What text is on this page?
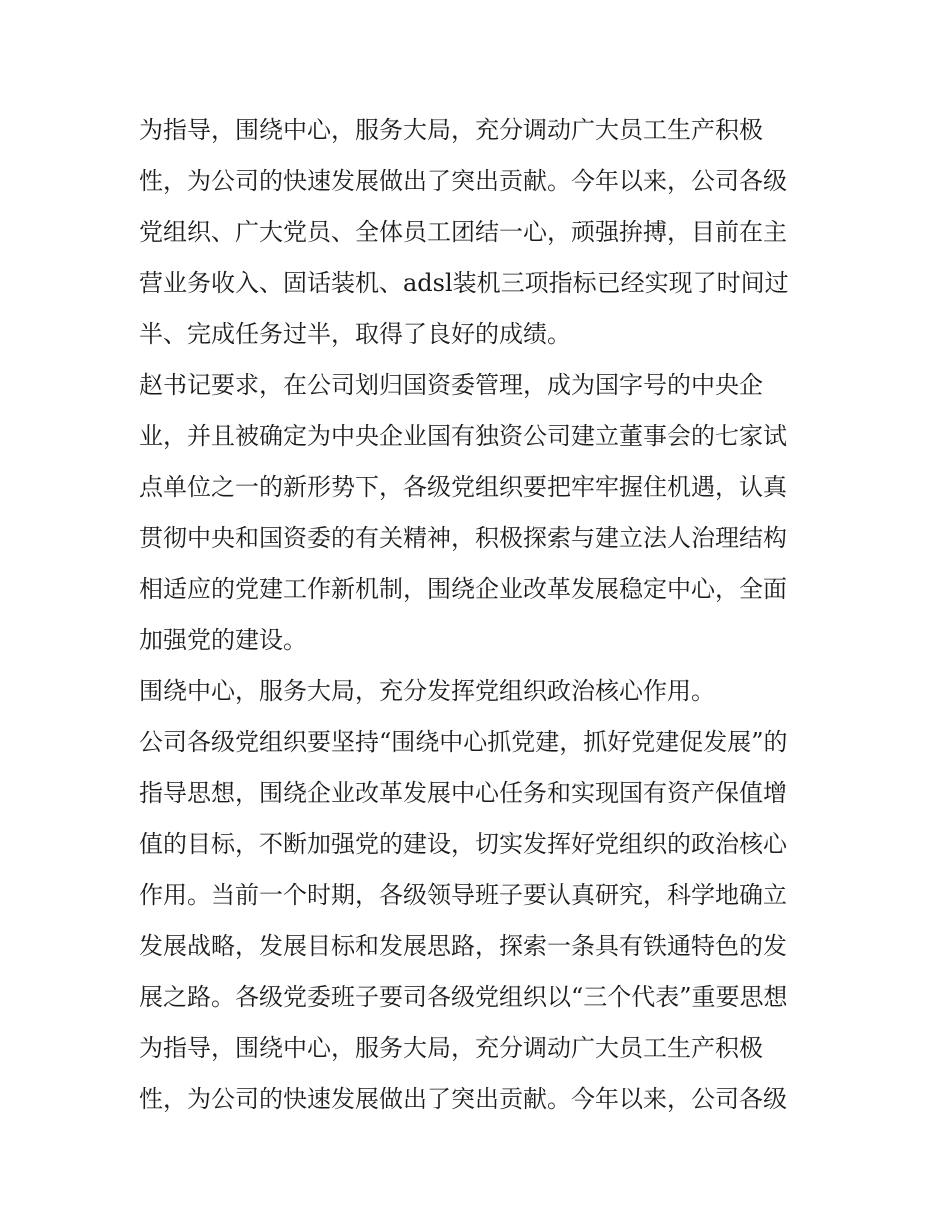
为指导，围绕中心，服务大局，充分调动广大员工生产积极
性，为公司的快速发展做出了突出贡献。今年以来，公司各级
党组织、广大党员、全体员工团结一心，顽强拚搏，目前在主
营业务收入、固话装机、adsl装机三项指标已经实现了时间过
半、完成任务过半，取得了良好的成绩。
赵书记要求，在公司划归国资委管理，成为国字号的中央企
业，并且被确定为中央企业国有独资公司建立董事会的七家试
点单位之一的新形势下，各级党组织要把牢牢握住机遇，认真
贯彻中央和国资委的有关精神，积极探索与建立法人治理结构
相适应的党建工作新机制，围绕企业改革发展稳定中心，全面
加强党的建设。
围绕中心，服务大局，充分发挥党组织政治核心作用。
公司各级党组织要坚持“围绕中心抓党建，抓好党建促发展”的
指导思想，围绕企业改革发展中心任务和实现国有资产保值增
值的目标，不断加强党的建设，切实发挥好党组织的政治核心
作用。当前一个时期，各级领导班子要认真研究，科学地确立
发展战略，发展目标和发展思路，探索一条具有铁通特色的发
展之路。各级党委班子要司各级党组织以“三个代表”重要思想
为指导，围绕中心，服务大局，充分调动广大员工生产积极
性，为公司的快速发展做出了突出贡献。今年以来，公司各级
